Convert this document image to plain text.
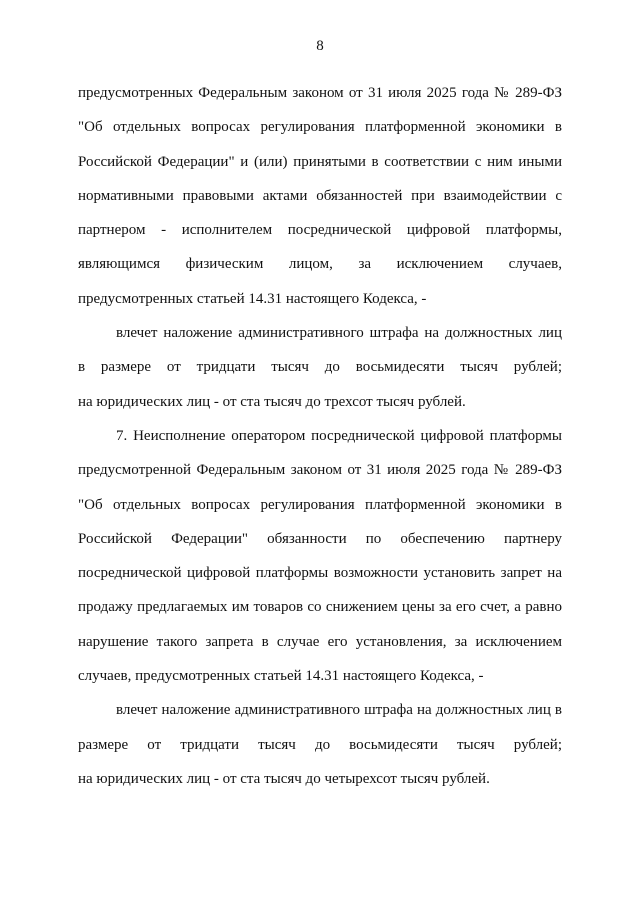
8
предусмотренных Федеральным законом от 31 июля 2025 года № 289-ФЗ
"Об отдельных вопросах регулирования платформенной экономики в
Российской Федерации" и (или) принятыми в соответствии с ним иными
нормативными правовыми актами обязанностей при взаимодействии с
партнером - исполнителем посреднической цифровой платформы,
являющимся физическим лицом, за исключением случаев,
предусмотренных статьей 14.31 настоящего Кодекса, -
влечет наложение административного штрафа на должностных лиц
в размере от тридцати тысяч до восьмидесяти тысяч рублей;
на юридических лиц - от ста тысяч до трехсот тысяч рублей.
7. Неисполнение оператором посреднической цифровой платформы
предусмотренной Федеральным законом от 31 июля 2025 года № 289-ФЗ
"Об отдельных вопросах регулирования платформенной экономики в
Российской Федерации" обязанности по обеспечению партнеру
посреднической цифровой платформы возможности установить запрет на
продажу предлагаемых им товаров со снижением цены за его счет, а равно
нарушение такого запрета в случае его установления, за исключением
случаев, предусмотренных статьей 14.31 настоящего Кодекса, -
влечет наложение административного штрафа на должностных лиц в
размере от тридцати тысяч до восьмидесяти тысяч рублей;
на юридических лиц - от ста тысяч до четырехсот тысяч рублей.
